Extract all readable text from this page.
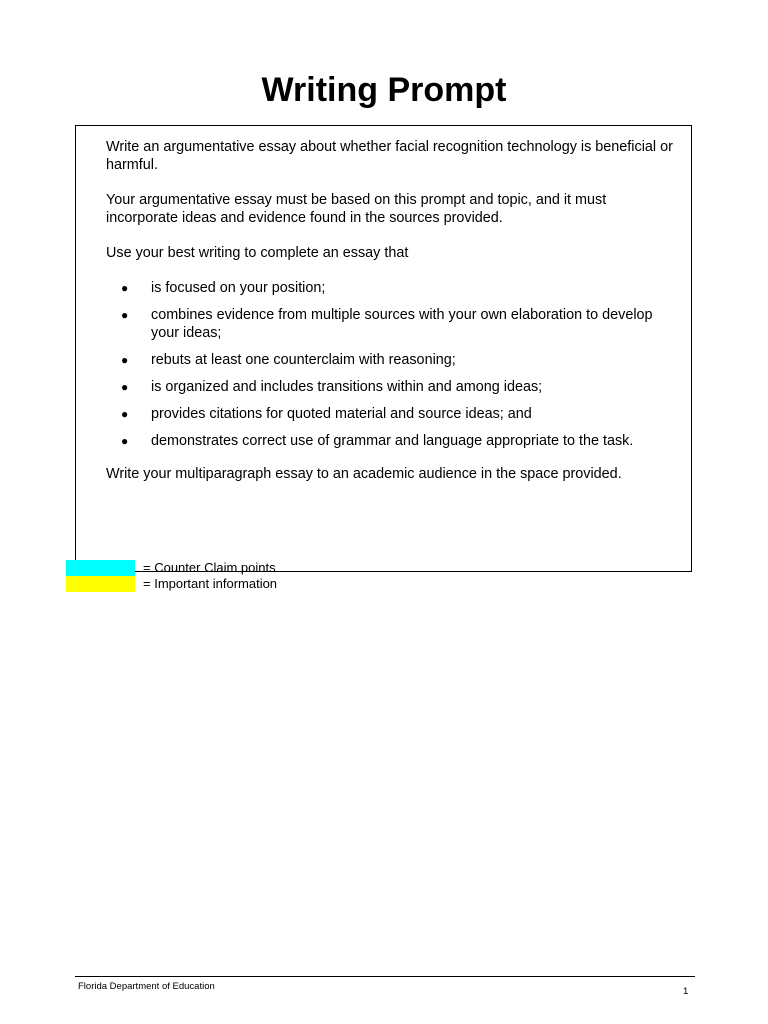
Writing Prompt

Write an argumentative essay about whether facial recognition technology is beneficial or harmful.

Your argumentative essay must be based on this prompt and topic, and it must incorporate ideas and evidence found in the sources provided.

Use your best writing to complete an essay that

● is focused on your position;
● combines evidence from multiple sources with your own elaboration to develop your ideas;
● rebuts at least one counterclaim with reasoning;
● is organized and includes transitions within and among ideas;
● provides citations for quoted material and source ideas; and
● demonstrates correct use of grammar and language appropriate to the task.

Write your multiparagraph essay to an academic audience in the space provided.

= Counter Claim points
= Important information
Florida Department of Education	1
